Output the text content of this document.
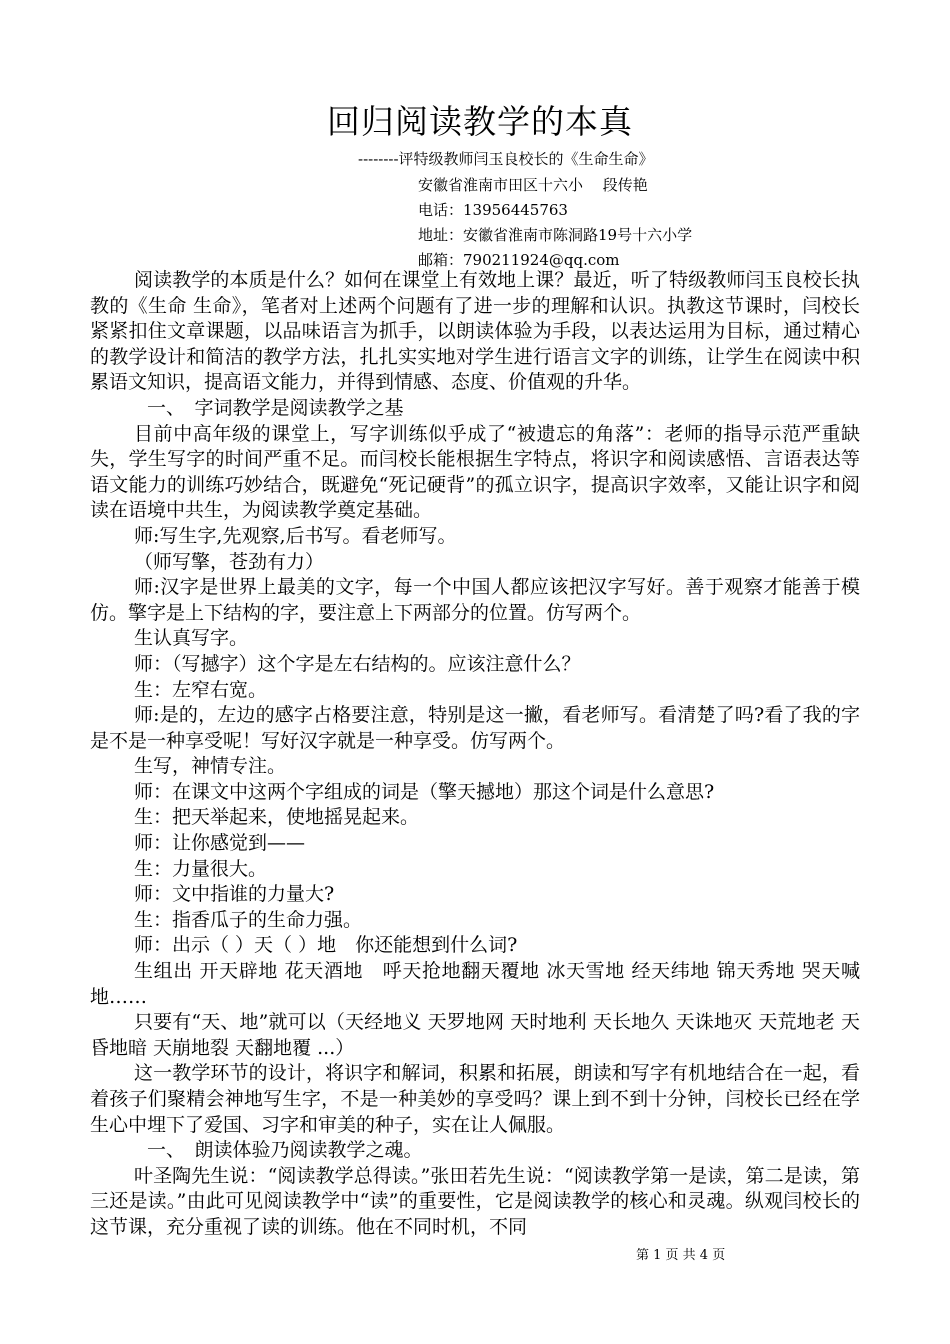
回归阅读教学的本真
--------评特级教师闫玉良校长的《生命生命》
安徽省淮南市田区十六小　 段传艳
电话：13956445763
地址：安徽省淮南市陈洞路19号十六小学
邮箱：790211924@qq.com

阅读教学的本质是什么？如何在课堂上有效地上课？最近，听了特级教师闫玉良校长执教的《生命 生命》，笔者对上述两个问题有了进一步的理解和认识。执教这节课时，闫校长紧紧扣住文章课题，以品味语言为抓手，以朗读体验为手段，以表达运用为目标，通过精心的教学设计和简洁的教学方法，扎扎实实地对学生进行语言文字的训练，让学生在阅读中积累语文知识，提高语文能力，并得到情感、态度、价值观的升华。

一、　字词教学是阅读教学之基

目前中高年级的课堂上，写字训练似乎成了“被遗忘的角落”：老师的指导示范严重缺失，学生写字的时间严重不足。而闫校长能根据生字特点，将识字和阅读感悟、言语表达等语文能力的训练巧妙结合，既避免“死记硬背”的孤立识字，提高识字效率，又能让识字和阅读在语境中共生，为阅读教学奠定基础。

师:写生字,先观察,后书写。看老师写。

（师写擎，苍劲有力）

师:汉字是世界上最美的文字，每一个中国人都应该把汉字写好。善于观察才能善于模仿。擎字是上下结构的字，要注意上下两部分的位置。仿写两个。

生认真写字。

师：（写撼字）这个字是左右结构的。应该注意什么？

生：左窄右宽。

师:是的，左边的感字占格要注意，特别是这一撇，看老师写。看清楚了吗?看了我的字是不是一种享受呢！写好汉字就是一种享受。仿写两个。

生写，神情专注。

师：在课文中这两个字组成的词是（擎天撼地）那这个词是什么意思?

生：把天举起来，使地摇晃起来。

师：让你感觉到——

生：力量很大。

师：文中指谁的力量大?

生：指香瓜子的生命力强。

师：出示（ ）天（ ）地　你还能想到什么词?

生组出 开天辟地 花天酒地　呼天抢地翻天覆地 冰天雪地 经天纬地 锦天秀地 哭天喊地……

只要有“天、地”就可以（天经地义 天罗地网 天时地利 天长地久 天诛地灭 天荒地老 天昏地暗 天崩地裂 天翻地覆 ...）

这一教学环节的设计，将识字和解词，积累和拓展，朗读和写字有机地结合在一起，看着孩子们聚精会神地写生字，不是一种美妙的享受吗？课上到不到十分钟，闫校长已经在学生心中埋下了爱国、习字和审美的种子，实在让人佩服。

一、　朗读体验乃阅读教学之魂。

叶圣陶先生说：“阅读教学总得读。”张田若先生说：“阅读教学第一是读，第二是读，第三还是读。”由此可见阅读教学中“读”的重要性，它是阅读教学的核心和灵魂。纵观闫校长的这节课，充分重视了读的训练。他在不同时机，不同

第 1 页 共 4 页
